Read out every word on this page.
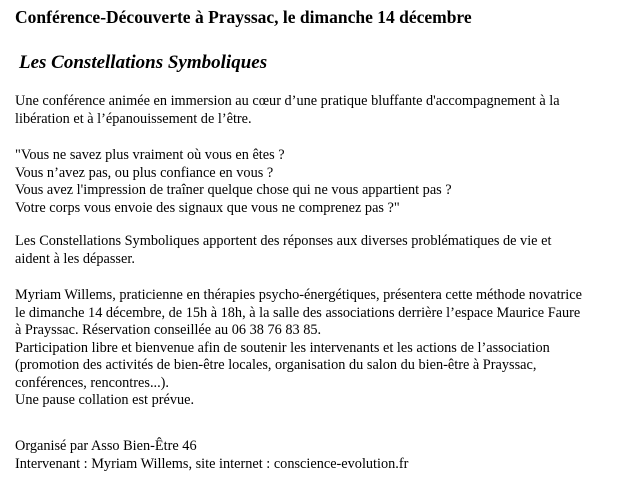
Conférence-Découverte à Prayssac, le dimanche 14 décembre
Les Constellations Symboliques

Une conférence animée en immersion au cœur d’une pratique bluffante d'accompagnement à la
libération et à l’épanouissement de l’être.

"Vous ne savez plus vraiment où vous en êtes ?
Vous n’avez pas, ou plus confiance en vous ?
Vous avez l'impression de traîner quelque chose qui ne vous appartient pas ?
Votre corps vous envoie des signaux que vous ne comprenez pas ?"

Les Constellations Symboliques apportent des réponses aux diverses problématiques de vie et
aident à les dépasser.

Myriam Willems, praticienne en thérapies psycho-énergétiques, présentera cette méthode novatrice
le dimanche 14 décembre, de 15h à 18h, à la salle des associations derrière l’espace Maurice Faure
à Prayssac. Réservation conseillée au 06 38 76 83 85.
Participation libre et bienvenue afin de soutenir les intervenants et les actions de l’association
(promotion des activités de bien-être locales, organisation du salon du bien-être à Prayssac,
conférences, rencontres...).
Une pause collation est prévue.

Organisé par Asso Bien-Être 46
Intervenant : Myriam Willems, site internet : conscience-evolution.fr
